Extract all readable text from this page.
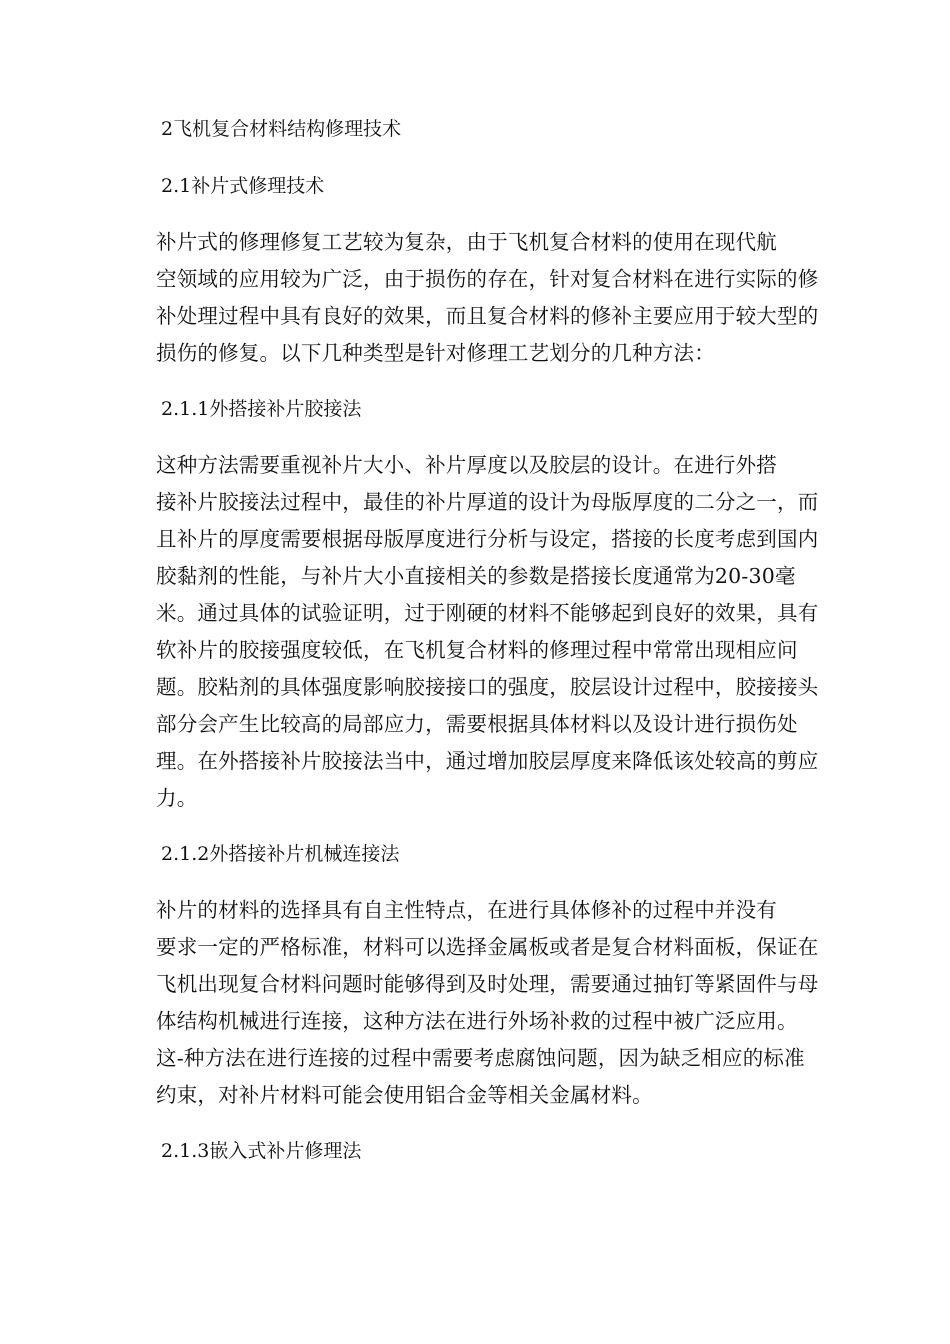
2飞机复合材料结构修理技术
2.1补片式修理技术

补片式的修理修复工艺较为复杂，由于飞机复合材料的使用在现代航
空领域的应用较为广泛，由于损伤的存在，针对复合材料在进行实际的修
补处理过程中具有良好的效果，而且复合材料的修补主要应用于较大型的
损伤的修复。以下几种类型是针对修理工艺划分的几种方法：

2.1.1外搭接补片胶接法

这种方法需要重视补片大小、补片厚度以及胶层的设计。在进行外搭
接补片胶接法过程中，最佳的补片厚道的设计为母版厚度的二分之一，而
且补片的厚度需要根据母版厚度进行分析与设定，搭接的长度考虑到国内
胶黏剂的性能，与补片大小直接相关的参数是搭接长度通常为20-30毫
米。通过具体的试验证明，过于刚硬的材料不能够起到良好的效果，具有
软补片的胶接强度较低，在飞机复合材料的修理过程中常常出现相应问
题。胶粘剂的具体强度影响胶接接口的强度，胶层设计过程中，胶接接头
部分会产生比较高的局部应力，需要根据具体材料以及设计进行损伤处
理。在外搭接补片胶接法当中，通过增加胶层厚度来降低该处较高的剪应
力。

2.1.2外搭接补片机械连接法

补片的材料的选择具有自主性特点，在进行具体修补的过程中并没有
要求一定的严格标准，材料可以选择金属板或者是复合材料面板，保证在
飞机出现复合材料问题时能够得到及时处理，需要通过抽钉等紧固件与母
体结构机械进行连接，这种方法在进行外场补救的过程中被广泛应用。
这-种方法在进行连接的过程中需要考虑腐蚀问题，因为缺乏相应的标准
约束，对补片材料可能会使用铝合金等相关金属材料。

2.1.3嵌入式补片修理法
